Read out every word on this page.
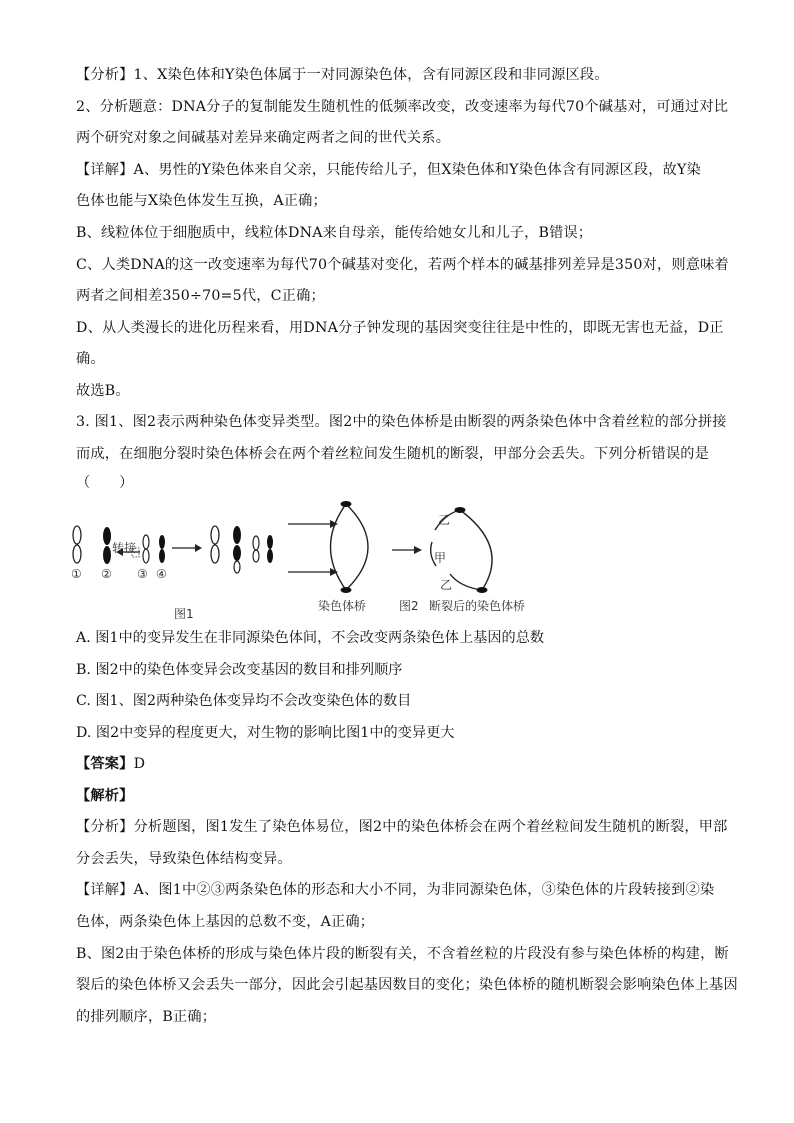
【分析】1、X染色体和Y染色体属于一对同源染色体，含有同源区段和非同源区段。
2、分析题意：DNA分子的复制能发生随机性的低频率改变，改变速率为每代70个碱基对，可通过对比
两个研究对象之间碱基对差异来确定两者之间的世代关系。
【详解】A、男性的Y染色体来自父亲，只能传给儿子，但X染色体和Y染色体含有同源区段，故Y染
色体也能与X染色体发生互换，A正确；
B、线粒体位于细胞质中，线粒体DNA来自母亲，能传给她女儿和儿子，B错误；
C、人类DNA的这一改变速率为每代70个碱基对变化，若两个样本的碱基排列差异是350对，则意味着
两者之间相差350÷70=5代，C正确；
D、从人类漫长的进化历程来看，用DNA分子钟发现的基因突变往往是中性的，即既无害也无益，D正
确。
故选B。
3. 图1、图2表示两种染色体变异类型。图2中的染色体桥是由断裂的两条染色体中含着丝粒的部分拼接
而成，在细胞分裂时染色体桥会在两个着丝粒间发生随机的断裂，甲部分会丢失。下列分析错误的是
（　　）
转接
① ② ③ ④
图1
染色体桥
乙
甲
乙
图2 断裂后的染色体桥
A. 图1中的变异发生在非同源染色体间，不会改变两条染色体上基因的总数
B. 图2中的染色体变异会改变基因的数目和排列顺序
C. 图1、图2两种染色体变异均不会改变染色体的数目
D. 图2中变异的程度更大，对生物的影响比图1中的变异更大
【答案】D
【解析】
【分析】分析题图，图1发生了染色体易位，图2中的染色体桥会在两个着丝粒间发生随机的断裂，甲部
分会丢失，导致染色体结构变异。
【详解】A、图1中②③两条染色体的形态和大小不同，为非同源染色体，③染色体的片段转接到②染
色体，两条染色体上基因的总数不变，A正确；
B、图2由于染色体桥的形成与染色体片段的断裂有关，不含着丝粒的片段没有参与染色体桥的构建，断
裂后的染色体桥又会丢失一部分，因此会引起基因数目的变化；染色体桥的随机断裂会影响染色体上基因
的排列顺序，B正确；
